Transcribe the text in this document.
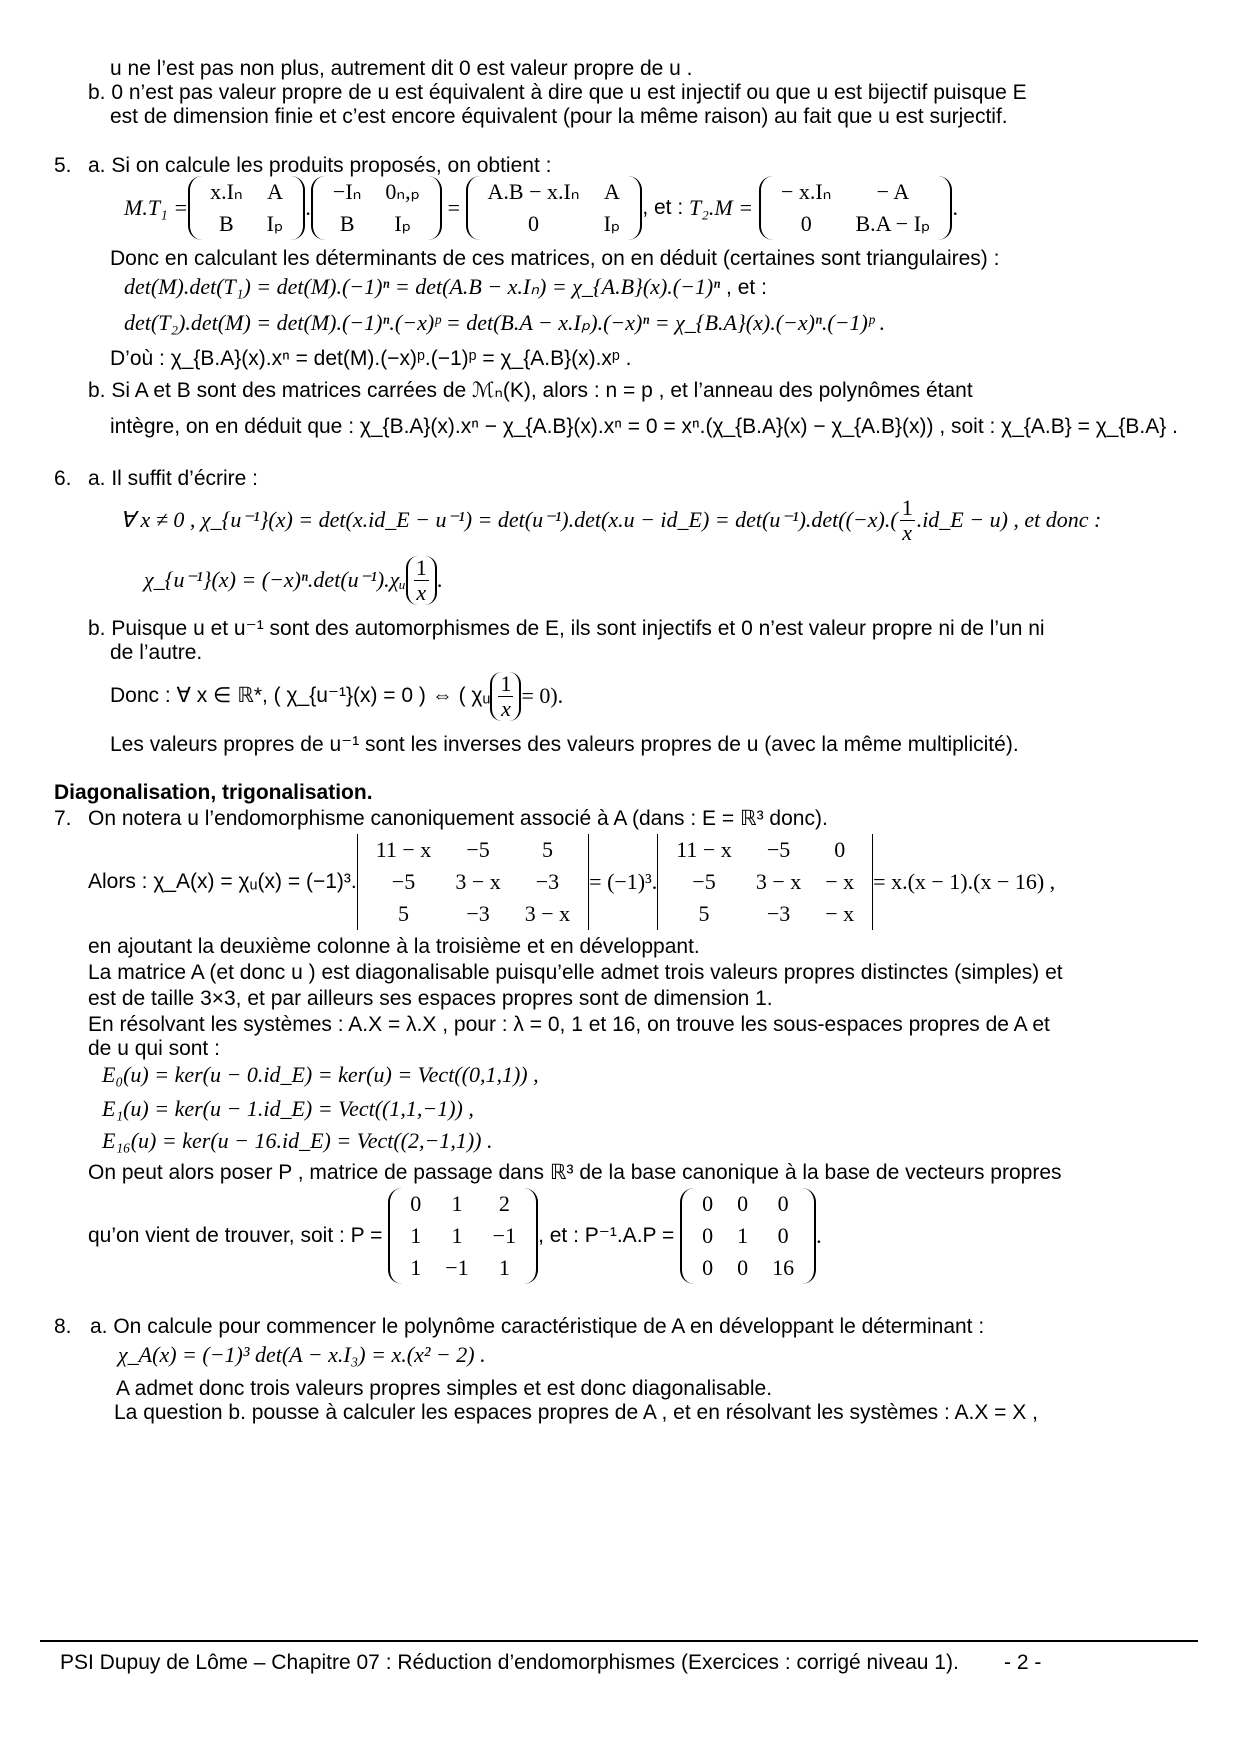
u ne l’est pas non plus, autrement dit 0 est valeur propre de u .
b. 0 n’est pas valeur propre de u est équivalent à dire que u est injectif ou que u est bijectif puisque E
est de dimension finie et c’est encore équivalent (pour la même raison) au fait que u est surjectif.
5. a. Si on calcule les produits proposés, on obtient :
M.T₁ =
x.Iₙ	A
B	Iₚ
.
−Iₙ	0ₙ,ₚ
B	Iₚ
=
A.B − x.Iₙ	A
0	Iₚ
, et :
T₂.M =

− x.Iₙ	− A
0	B.A − Iₚ
.
Donc en calculant les déterminants de ces matrices, on en déduit (certaines sont triangulaires) :
det(M).det(T₁) = det(M).(−1)ⁿ = det(A.B − x.Iₙ) = χ_{A.B}(x).(−1)ⁿ , et :
det(T₂).det(M) = det(M).(−1)ⁿ.(−x)ᵖ = det(B.A − x.Iₚ).(−x)ⁿ = χ_{B.A}(x).(−x)ⁿ.(−1)ᵖ .
D’où : χ_{B.A}(x).xⁿ = det(M).(−x)ᵖ.(−1)ᵖ = χ_{A.B}(x).xᵖ .
b. Si A et B sont des matrices carrées de ℳₙ(K), alors : n = p , et l’anneau des polynômes étant
intègre, on en déduit que : χ_{B.A}(x).xⁿ − χ_{A.B}(x).xⁿ = 0 = xⁿ.(χ_{B.A}(x) − χ_{A.B}(x)) , soit : χ_{A.B} = χ_{B.A} .
6. a. Il suffit d’écrire :
∀ x ≠ 0 , χ_{u⁻¹}(x) = det(x.id_E − u⁻¹) = det(u⁻¹).det(x.u − id_E) = $\det(u^{-1}).\det((-x).( \frac{1}{x}$ .id_E − u) , et donc :
χ_{u⁻¹}(x) = (−x)ⁿ.det(u⁻¹).χᵤ $\frac{1}{x}$ .
b. Puisque u et u⁻¹ sont des automorphismes de E, ils sont injectifs et 0 n’est valeur propre ni de l’un ni
de l’autre.
Donc : ∀ x ∈ ℝ*, ( χ_{u⁻¹}(x) = 0 ) ⇔ ( χᵤ $\frac{1}{x} = 0$).
Les valeurs propres de u⁻¹ sont les inverses des valeurs propres de u (avec la même multiplicité).
Diagonalisation, trigonalisation.
7. On notera u l’endomorphisme canoniquement associé à A (dans : E = ℝ³ donc).
Alors : χ_A(x) = χᵤ(x) = (−1)³.
11 − x	−5	5
−5	3 − x	−3
5	−3	3 − x
= (−1)³.
11 − x	−5	0
−5	3 − x	− x
5	−3	− x
= x.(x − 1).(x − 16) ,
en ajoutant la deuxième colonne à la troisième et en développant.
La matrice A (et donc u ) est diagonalisable puisqu’elle admet trois valeurs propres distinctes (simples) et
est de taille 3×3, et par ailleurs ses espaces propres sont de dimension 1.
En résolvant les systèmes : A.X = λ.X , pour : λ = 0, 1 et 16, on trouve les sous-espaces propres de A et
de u qui sont :
E₀(u) = ker(u − 0.id_E) = ker(u) = Vect((0,1,1)) ,
E₁(u) = ker(u − 1.id_E) = Vect((1,1,−1)) ,
E₁₆(u) = ker(u − 16.id_E) = Vect((2,−1,1)) .
On peut alors poser P , matrice de passage dans ℝ³ de la base canonique à la base de vecteurs propres
qu’on vient de trouver, soit : P =

0	1	2
1	1	−1
1	−1	1
, et : P⁻¹.A.P =

0	0	0
0	1	0
0	0	16
.
8. a. On calcule pour commencer le polynôme caractéristique de A en développant le déterminant :
χ_A(x) = (−1)³ det(A − x.I₃) = x.(x² − 2) .
A admet donc trois valeurs propres simples et est donc diagonalisable.
La question b. pousse à calculer les espaces propres de A , et en résolvant les systèmes : A.X = X ,
PSI Dupuy de Lôme – Chapitre 07 : Réduction d’endomorphismes (Exercices : corrigé niveau 1). - 2 -
